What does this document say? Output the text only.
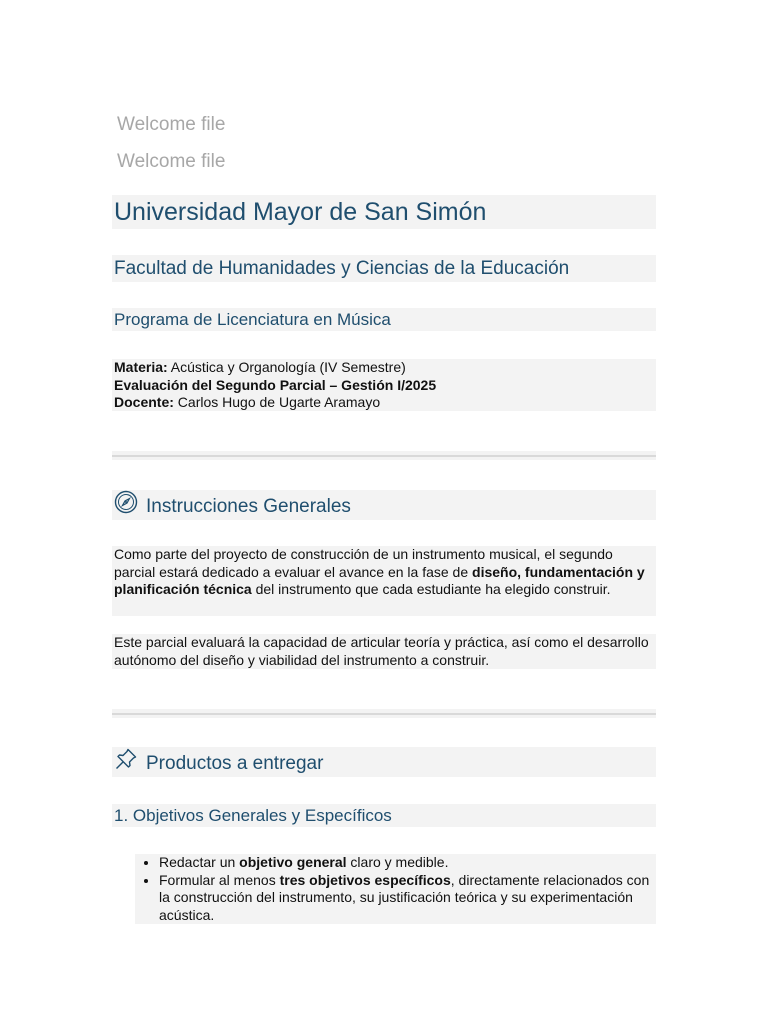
Welcome file
Welcome file
Universidad Mayor de San Simón
Facultad de Humanidades y Ciencias de la Educación
Programa de Licenciatura en Música
Materia: Acústica y Organología (IV Semestre)
Evaluación del Segundo Parcial – Gestión I/2025
Docente: Carlos Hugo de Ugarte Aramayo
Instrucciones Generales
Como parte del proyecto de construcción de un instrumento musical, el segundo parcial estará dedicado a evaluar el avance en la fase de diseño, fundamentación y planificación técnica del instrumento que cada estudiante ha elegido construir.
Este parcial evaluará la capacidad de articular teoría y práctica, así como el desarrollo autónomo del diseño y viabilidad del instrumento a construir.
Productos a entregar
1. Objetivos Generales y Específicos
• Redactar un objetivo general claro y medible.
• Formular al menos tres objetivos específicos, directamente relacionados con la construcción del instrumento, su justificación teórica y su experimentación acústica.
